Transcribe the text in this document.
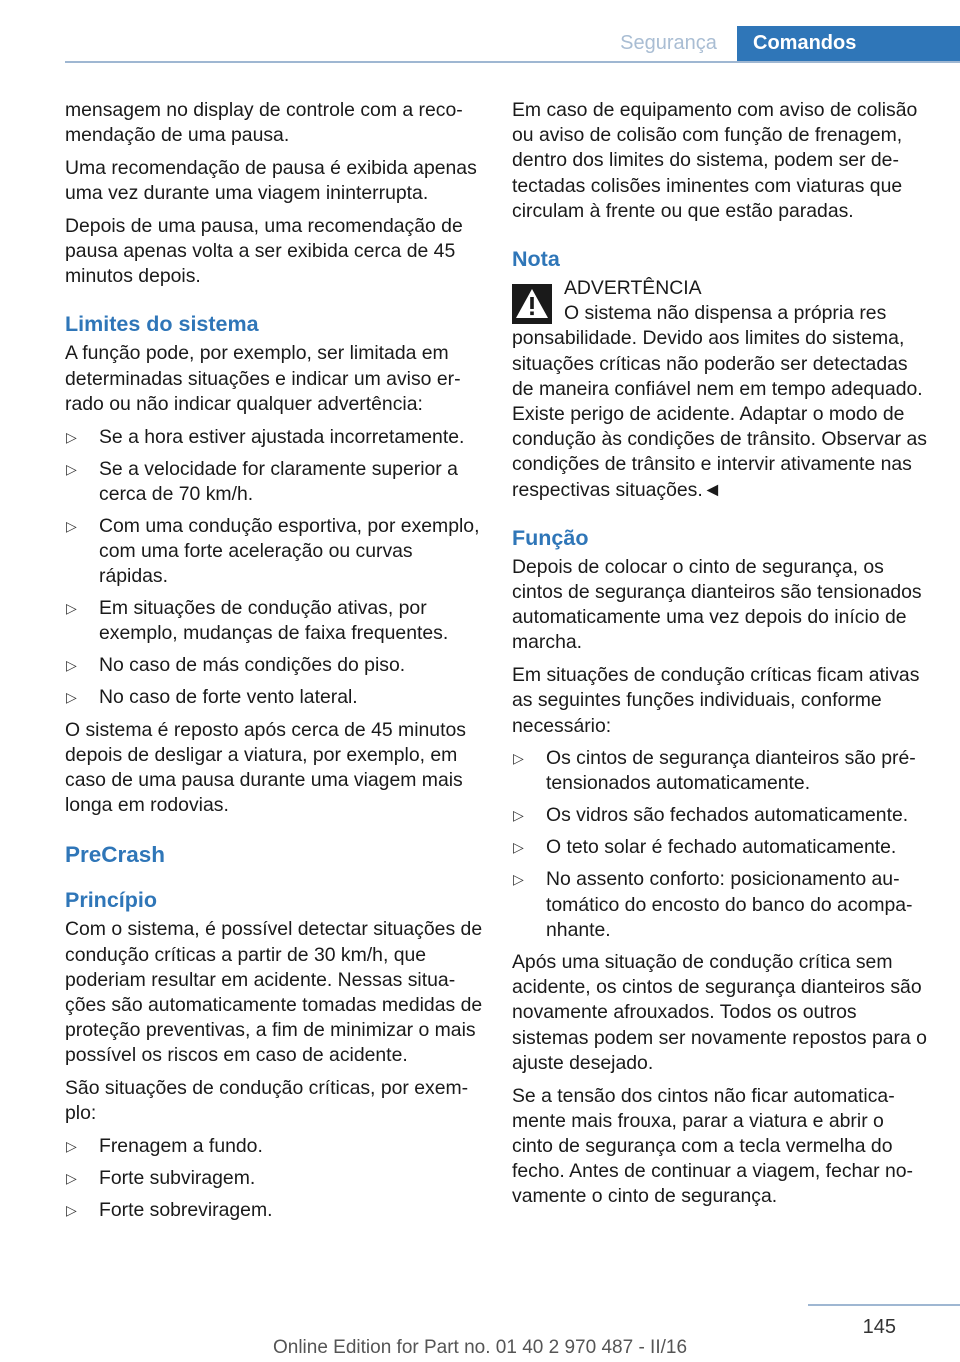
Segurança	Comandos

mensagem no display de controle com a recomendação de uma pausa.

Uma recomendação de pausa é exibida apenas uma vez durante uma viagem ininterrupta.

Depois de uma pausa, uma recomendação de pausa apenas volta a ser exibida cerca de 45 minutos depois.

Limites do sistema

A função pode, por exemplo, ser limitada em determinadas situações e indicar um aviso errado ou não indicar qualquer advertência:

▷ Se a hora estiver ajustada incorretamente.
▷ Se a velocidade for claramente superior a cerca de 70 km/h.
▷ Com uma condução esportiva, por exemplo, com uma forte aceleração ou curvas rápidas.
▷ Em situações de condução ativas, por exemplo, mudanças de faixa frequentes.
▷ No caso de más condições do piso.
▷ No caso de forte vento lateral.

O sistema é reposto após cerca de 45 minutos depois de desligar a viatura, por exemplo, em caso de uma pausa durante uma viagem mais longa em rodovias.

PreCrash
Princípio

Com o sistema, é possível detectar situações de condução críticas a partir de 30 km/h, que poderiam resultar em acidente. Nessas situações são automaticamente tomadas medidas de proteção preventivas, a fim de minimizar o mais possível os riscos em caso de acidente.

São situações de condução críticas, por exemplo:

▷ Frenagem a fundo.
▷ Forte subviragem.
▷ Forte sobreviragem.

Em caso de equipamento com aviso de colisão ou aviso de colisão com função de frenagem, dentro dos limites do sistema, podem ser detectadas colisões iminentes com viaturas que circulam à frente ou que estão paradas.

Nota
ADVERTÊNCIA
O sistema não dispensa a própria res

ponsabilidade. Devido aos limites do sistema, situações críticas não poderão ser detectadas de maneira confiável nem em tempo adequado. Existe perigo de acidente. Adaptar o modo de condução às condições de trânsito. Observar as condições de trânsito e intervir ativamente nas respectivas situações.◄

Função

Depois de colocar o cinto de segurança, os cintos de segurança dianteiros são tensionados automaticamente uma vez depois do início de marcha.

Em situações de condução críticas ficam ativas as seguintes funções individuais, conforme necessário:

▷ Os cintos de segurança dianteiros são pré-tensionados automaticamente.
▷ Os vidros são fechados automaticamente.
▷ O teto solar é fechado automaticamente.
▷ No assento conforto: posicionamento automático do encosto do banco do acompanhante.

Após uma situação de condução crítica sem acidente, os cintos de segurança dianteiros são novamente afrouxados. Todos os outros sistemas podem ser novamente repostos para o ajuste desejado.

Se a tensão dos cintos não ficar automaticamente mais frouxa, parar a viatura e abrir o cinto de segurança com a tecla vermelha do fecho. Antes de continuar a viagem, fechar novamente o cinto de segurança.

145
Online Edition for Part no. 01 40 2 970 487 - II/16
